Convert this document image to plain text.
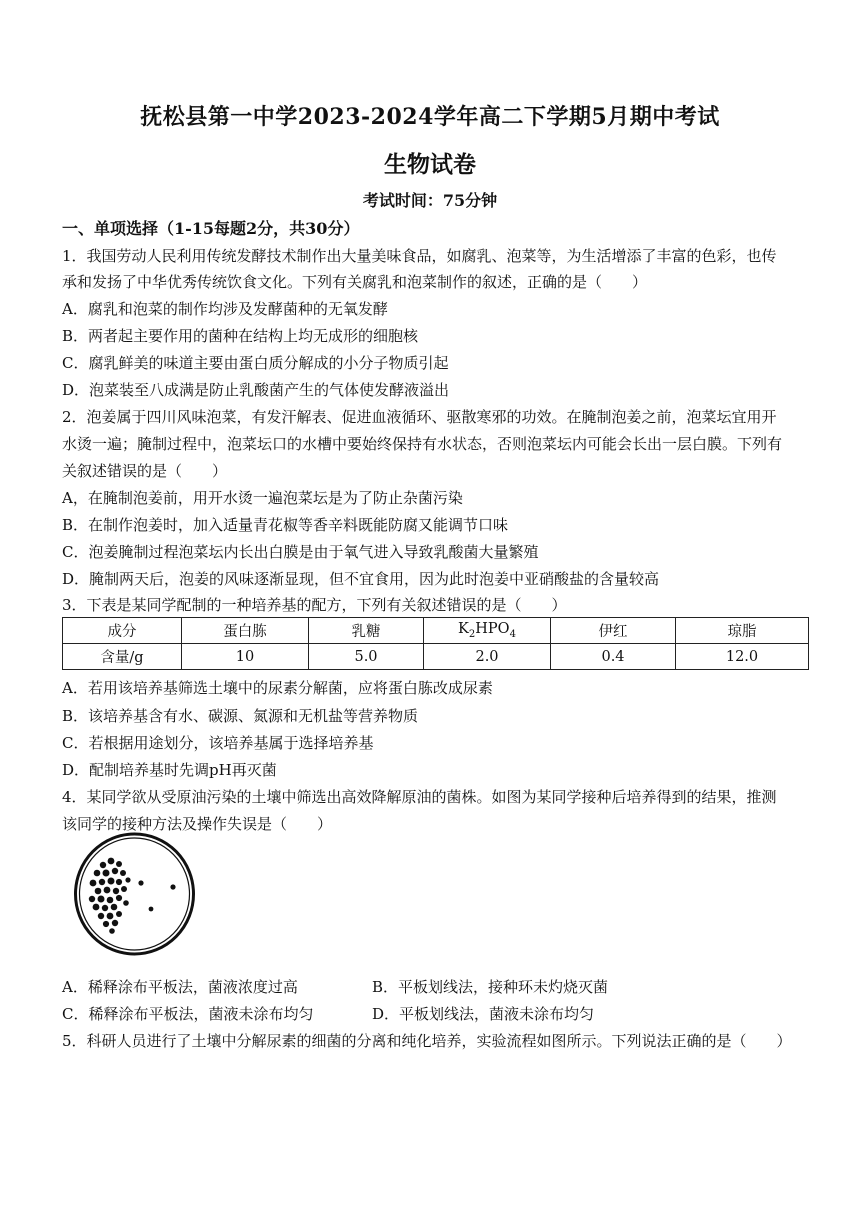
抚松县第一中学2023-2024学年高二下学期5月期中考试
生物试卷
考试时间：75分钟
一、单项选择（1-15每题2分，共30分）
1．我国劳动人民利用传统发酵技术制作出大量美味食品，如腐乳、泡菜等，为生活增添了丰富的色彩，也传
承和发扬了中华优秀传统饮食文化。下列有关腐乳和泡菜制作的叙述，正确的是（　　）
A．腐乳和泡菜的制作均涉及发酵菌种的无氧发酵
B．两者起主要作用的菌种在结构上均无成形的细胞核
C．腐乳鲜美的味道主要由蛋白质分解成的小分子物质引起
D．泡菜装至八成满是防止乳酸菌产生的气体使发酵液溢出
2．泡姜属于四川风味泡菜，有发汗解表、促进血液循环、驱散寒邪的功效。在腌制泡姜之前，泡菜坛宜用开
水烫一遍；腌制过程中，泡菜坛口的水槽中要始终保持有水状态，否则泡菜坛内可能会长出一层白膜。下列有
关叙述错误的是（　　）
A，在腌制泡姜前，用开水烫一遍泡菜坛是为了防止杂菌污染
B．在制作泡姜时，加入适量青花椒等香辛料既能防腐又能调节口味
C．泡姜腌制过程泡菜坛内长出白膜是由于氧气进入导致乳酸菌大量繁殖
D．腌制两天后，泡姜的风味逐渐显现，但不宜食用，因为此时泡姜中亚硝酸盐的含量较高
3．下表是某同学配制的一种培养基的配方，下列有关叙述错误的是（　　）
成分	蛋白胨	乳糖	$K_2HPO_4$	伊红	琼脂
含量/g	10	5.0	2.0	0.4	12.0
A．若用该培养基筛选土壤中的尿素分解菌，应将蛋白胨改成尿素
B．该培养基含有水、碳源、氮源和无机盐等营养物质
C．若根据用途划分，该培养基属于选择培养基
D．配制培养基时先调pH再灭菌
4．某同学欲从受原油污染的土壤中筛选出高效降解原油的菌株。如图为某同学接种后培养得到的结果，推测
该同学的接种方法及操作失误是（　　）
A．稀释涂布平板法，菌液浓度过高	B．平板划线法，接种环未灼烧灭菌
C．稀释涂布平板法，菌液未涂布均匀	D．平板划线法，菌液未涂布均匀
5．科研人员进行了土壤中分解尿素的细菌的分离和纯化培养，实验流程如图所示。下列说法正确的是（　　）
